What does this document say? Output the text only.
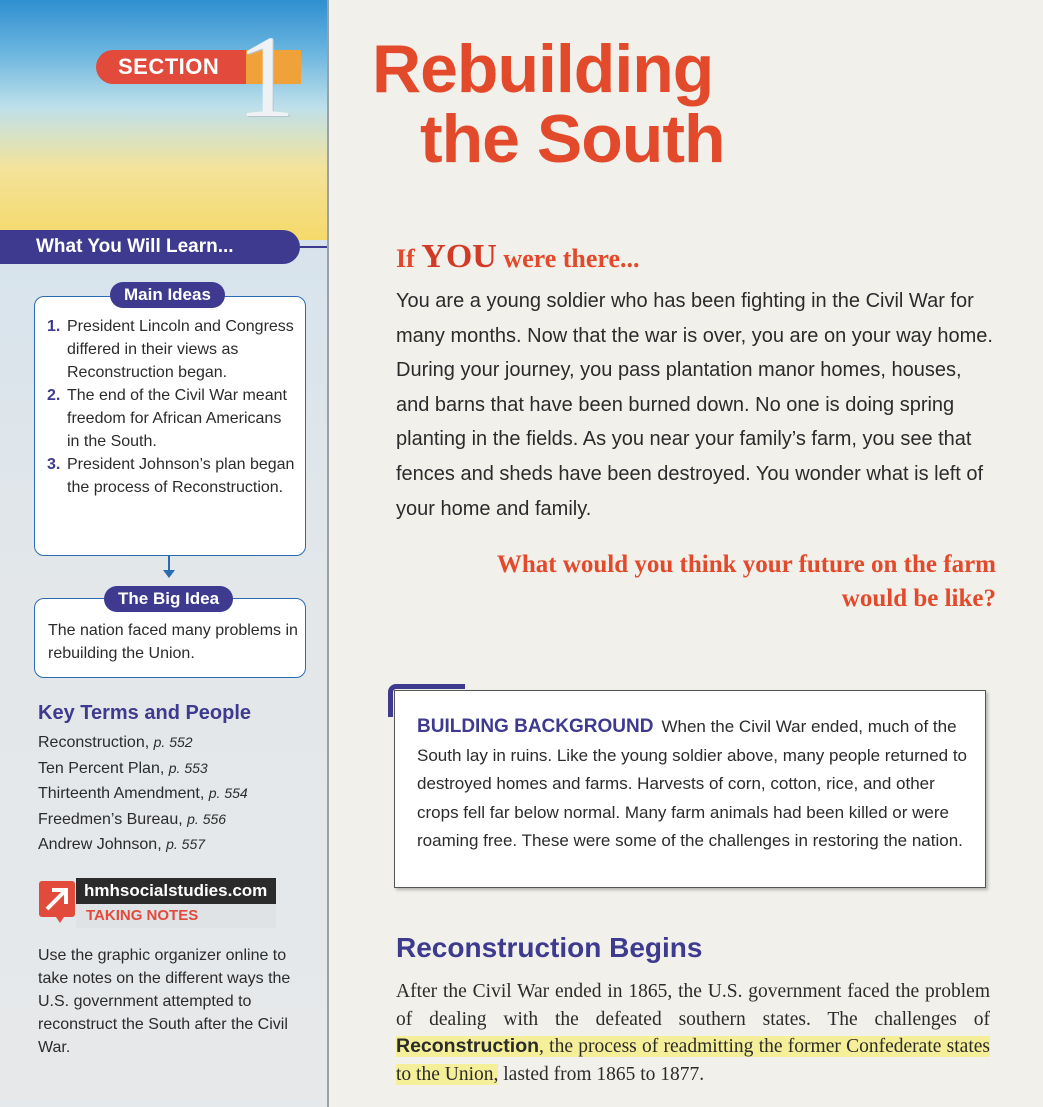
SECTION 1
What You Will Learn...
1. President Lincoln and Congress differed in their views as Reconstruction began.
2. The end of the Civil War meant freedom for African Americans in the South.
3. President Johnson’s plan began the process of Reconstruction.
Main Ideas
The nation faced many problems in rebuilding the Union.
The Big Idea
Key Terms and People
Reconstruction, p. 552
Ten Percent Plan, p. 553
Thirteenth Amendment, p. 554
Freedmen’s Bureau, p. 556
Andrew Johnson, p. 557
hmhsocialstudies.com
TAKING NOTES
Use the graphic organizer online to take notes on the different ways the U.S. government attempted to reconstruct the South after the Civil War.
Rebuilding
the South
If YOU were there...
You are a young soldier who has been fighting in the Civil War for many months. Now that the war is over, you are on your way home. During your journey, you pass plantation manor homes, houses, and barns that have been burned down. No one is doing spring planting in the fields. As you near your family’s farm, you see that fences and sheds have been destroyed. You wonder what is left of your home and family.
What would you think your future on the farm would be like?
BUILDING BACKGROUND When the Civil War ended, much of the South lay in ruins. Like the young soldier above, many people returned to destroyed homes and farms. Harvests of corn, cotton, rice, and other crops fell far below normal. Many farm animals had been killed or were roaming free. These were some of the challenges in restoring the nation.
Reconstruction Begins
After the Civil War ended in 1865, the U.S. government faced the problem of dealing with the defeated southern states. The challenges of Reconstruction, the process of readmitting the former Confederate states to the Union, lasted from 1865 to 1877.
